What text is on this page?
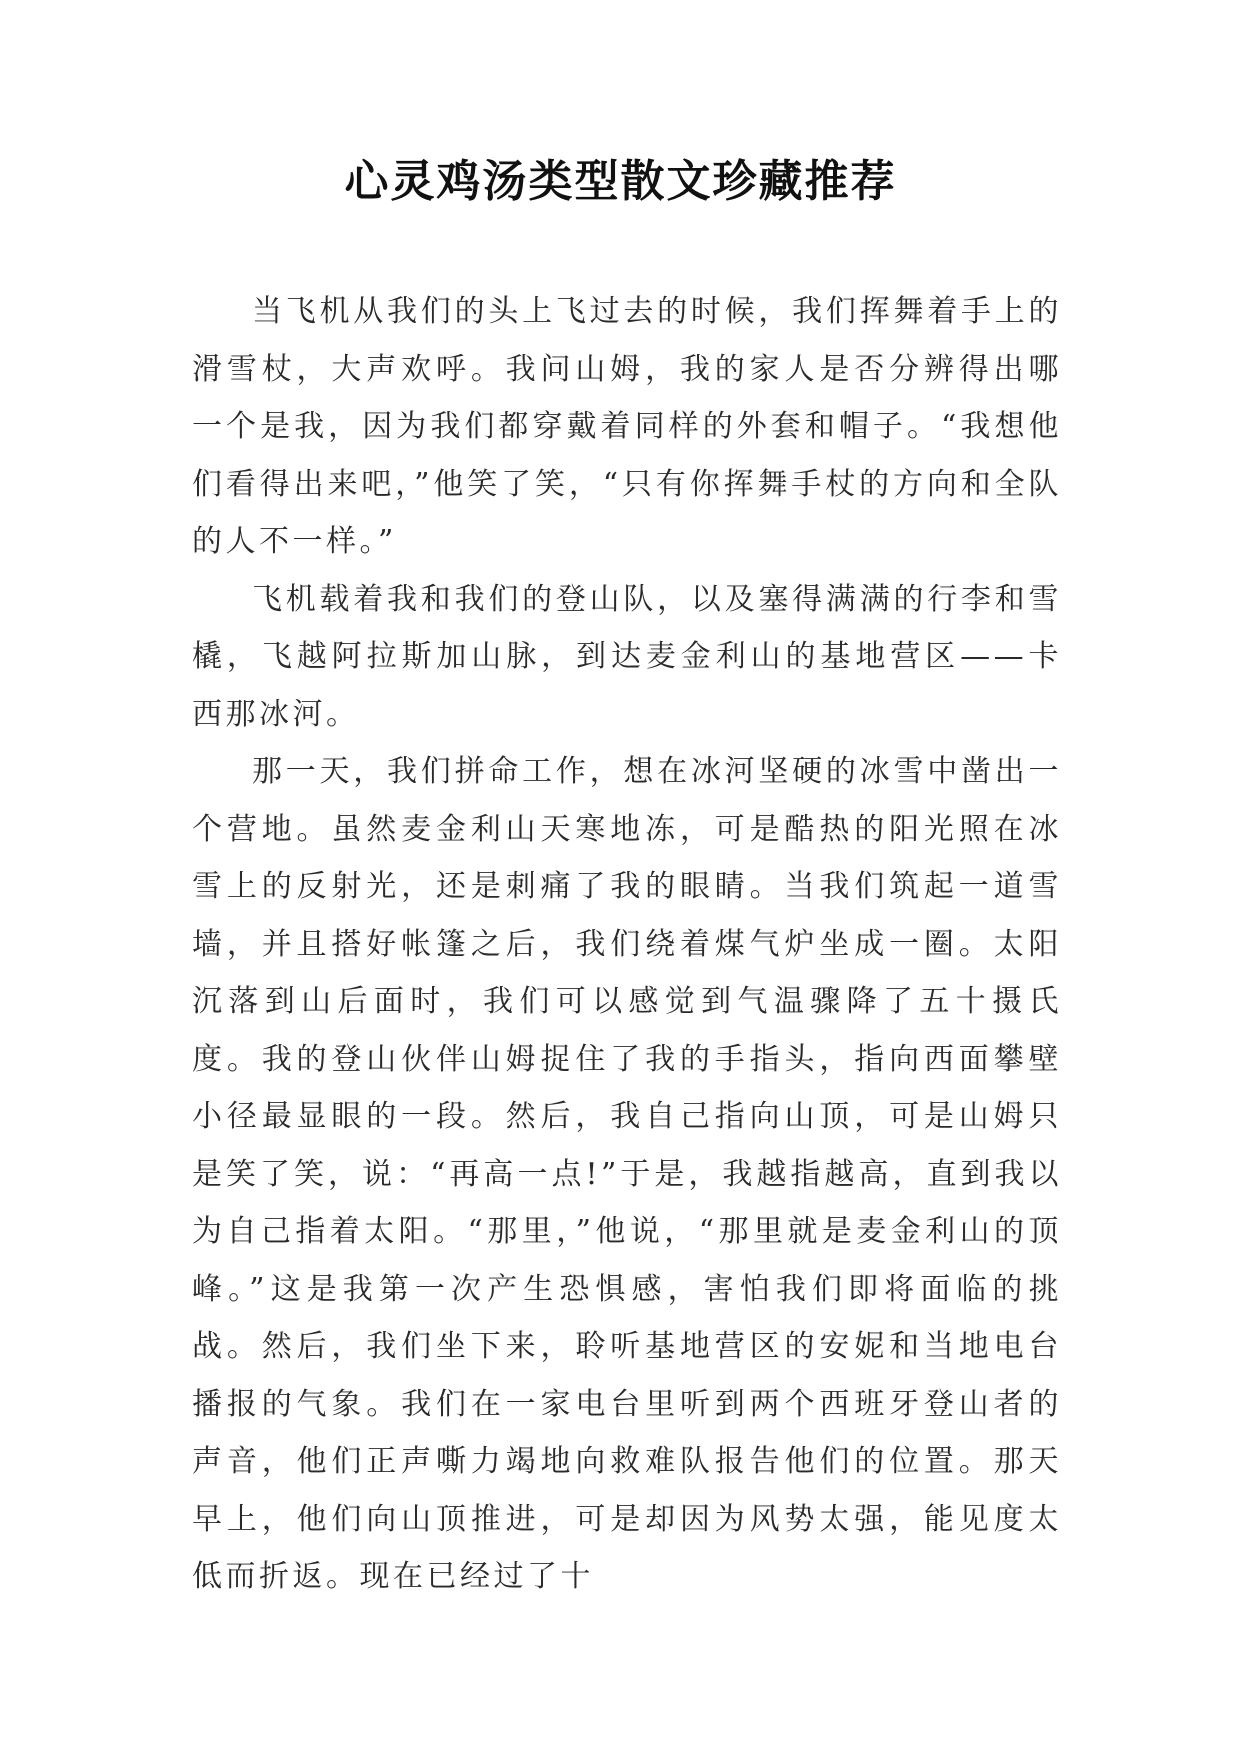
心灵鸡汤类型散文珍藏推荐

当飞机从我们的头上飞过去的时候，我们挥舞着手上的滑雪杖，大声欢呼。我问山姆，我的家人是否分辨得出哪一个是我，因为我们都穿戴着同样的外套和帽子。“我想他们看得出来吧，”他笑了笑，“只有你挥舞手杖的方向和全队的人不一样。”

飞机载着我和我们的登山队，以及塞得满满的行李和雪橇，飞越阿拉斯加山脉，到达麦金利山的基地营区——卡西那冰河。

那一天，我们拼命工作，想在冰河坚硬的冰雪中凿出一个营地。虽然麦金利山天寒地冻，可是酷热的阳光照在冰雪上的反射光，还是刺痛了我的眼睛。当我们筑起一道雪墙，并且搭好帐篷之后，我们绕着煤气炉坐成一圈。太阳沉落到山后面时，我们可以感觉到气温骤降了五十摄氏度。我的登山伙伴山姆捉住了我的手指头，指向西面攀壁小径最显眼的一段。然后，我自己指向山顶，可是山姆只是笑了笑，说：“再高一点!”于是，我越指越高，直到我以为自己指着太阳。“那里，”他说，“那里就是麦金利山的顶峰。”这是我第一次产生恐惧感，害怕我们即将面临的挑战。然后，我们坐下来，聆听基地营区的安妮和当地电台播报的气象。我们在一家电台里听到两个西班牙登山者的声音，他们正声嘶力竭地向救难队报告他们的位置。那天早上，他们向山顶推进，可是却因为风势太强，能见度太低而折返。现在已经过了十
